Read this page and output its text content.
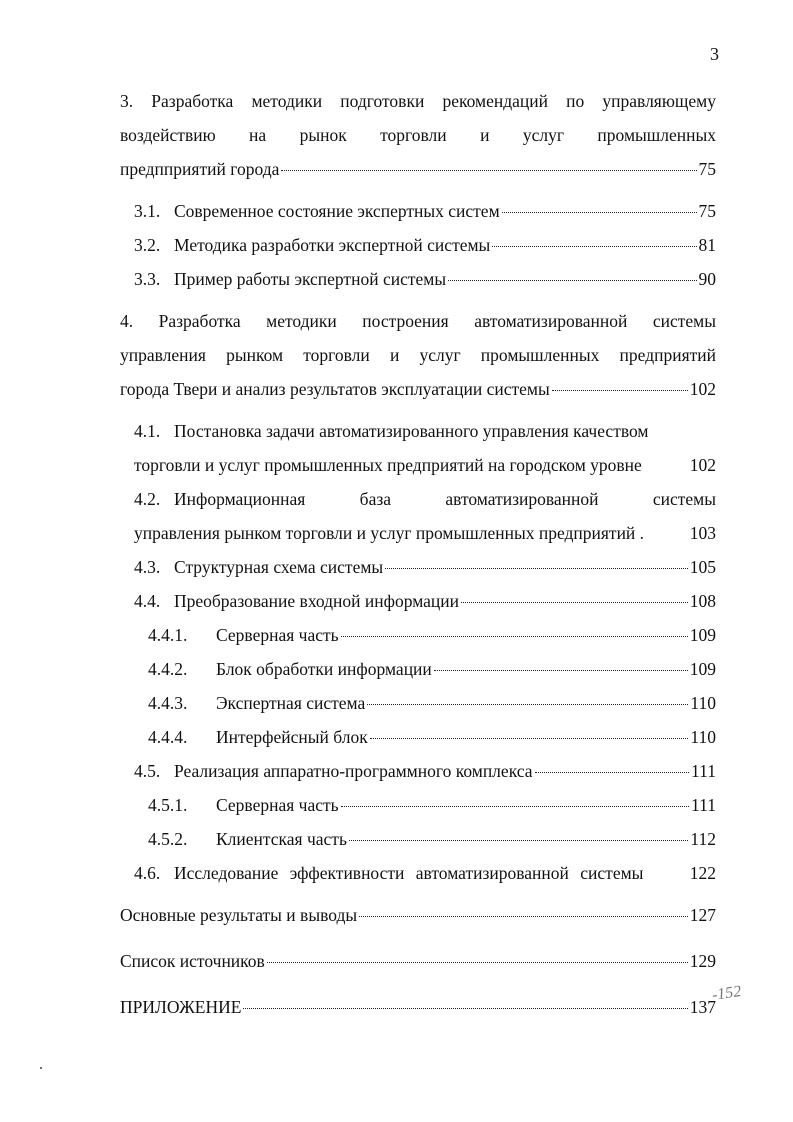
3
3. Разработка методики подготовки рекомендаций по управляющему
воздействию на рынок торговли и услуг промышленных
предпприятий города	75
3.1. Современное состояние экспертных систем	75
3.2. Методика разработки экспертной системы	81
3.3. Пример работы экспертной системы	90
4. Разработка методики построения автоматизированной системы
управления рынком торговли и услуг промышленных предприятий
города Твери и анализ результатов эксплуатации системы	102
4.1. Постановка задачи автоматизированного управления качеством
торговли и услуг промышленных предприятий на городском уровне	102
4.2. Информационная база автоматизированной системы
управления рынком торговли и услуг промышленных предприятий .	103
4.3. Структурная схема системы	105
4.4. Преобразование входной информации	108
4.4.1.	Серверная часть	109
4.4.2.	Блок обработки информации	109
4.4.3.	Экспертная система	110
4.4.4.	Интерфейсный блок	110
4.5. Реализация аппаратно-программного комплекса	111
4.5.1.	Серверная часть	111
4.5.2.	Клиентская часть	112
4.6. Исследование эффективности автоматизированной системы	122
Основные результаты и выводы	127
Список источников	129
ПРИЛОЖЕНИЕ	137
-152
